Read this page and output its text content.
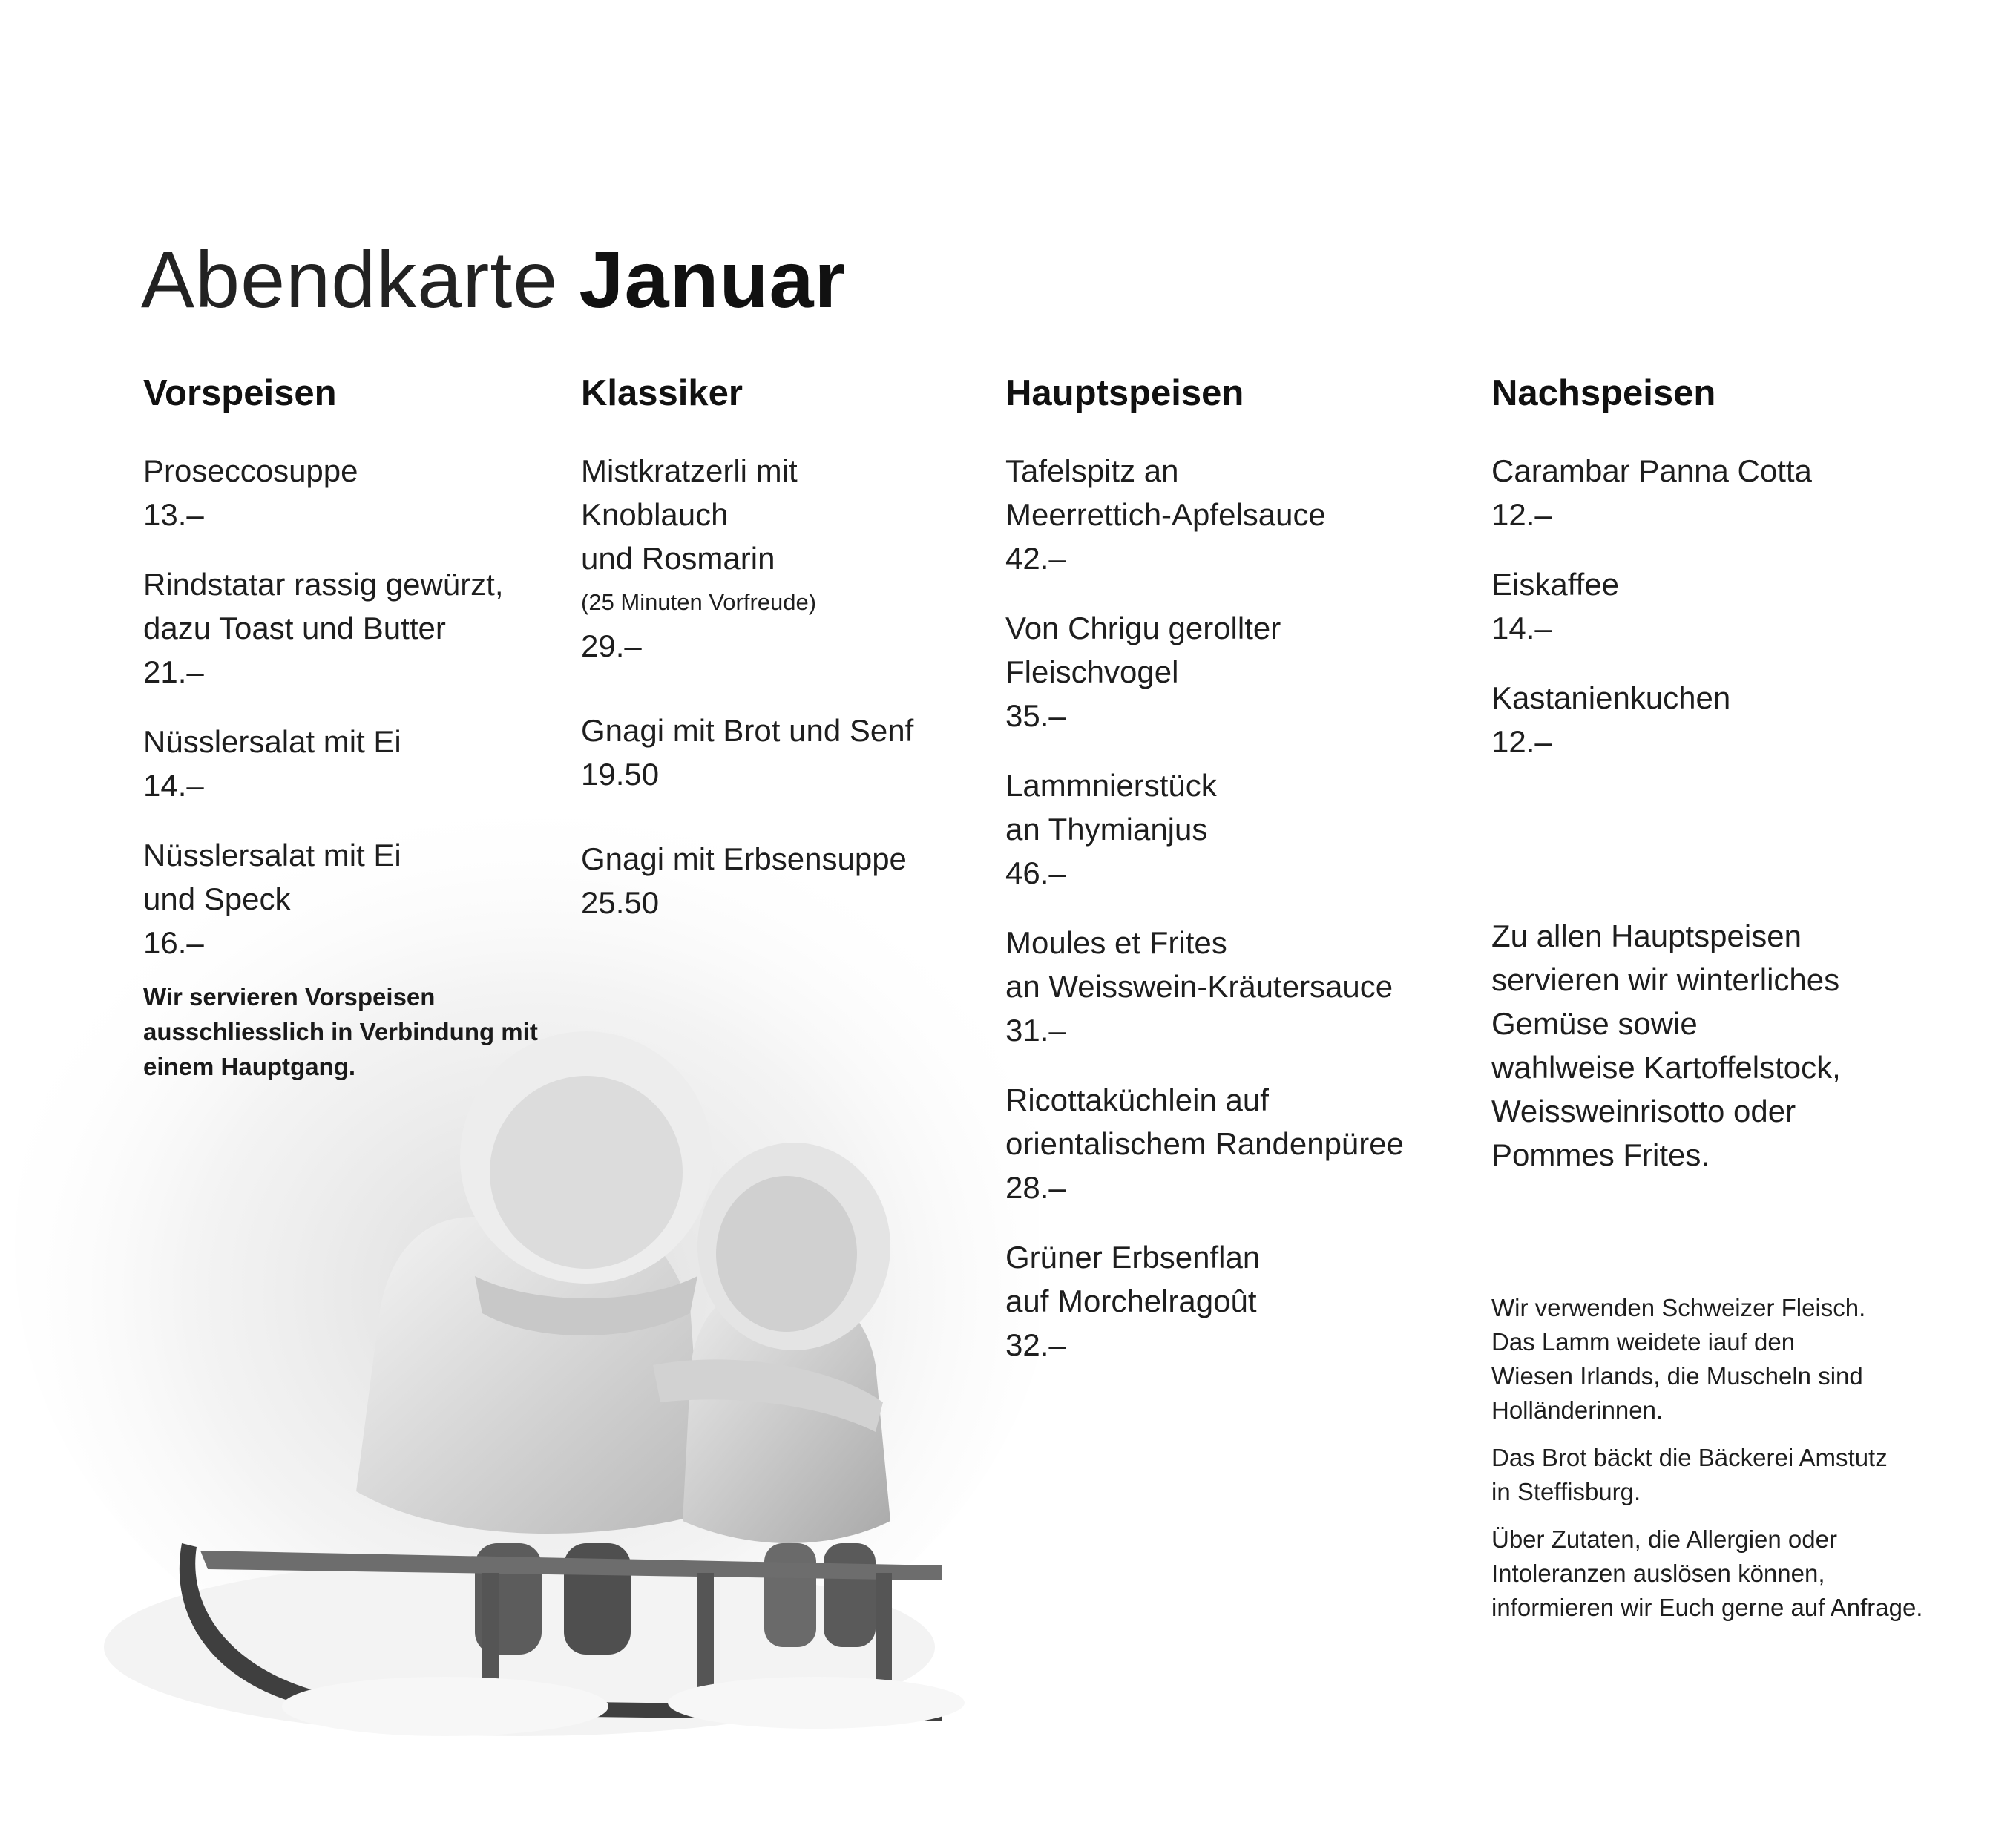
Abendkarte Januar
Vorspeisen
Proseccosuppe
13.–
Rindstatar rassig gewürzt,
dazu Toast und Butter
21.–
Nüsslersalat mit Ei
14.–
Nüsslersalat mit Ei
und Speck
16.–
Wir servieren Vorspeisen
ausschliesslich in Verbindung mit
einem Hauptgang.
Klassiker
Mistkratzerli mit
Knoblauch
und Rosmarin
(25 Minuten Vorfreude)
29.–
Gnagi mit Brot und Senf
19.50
Gnagi mit Erbsensuppe
25.50
Hauptspeisen
Tafelspitz an
Meerrettich-Apfelsauce
42.–
Von Chrigu gerollter
Fleischvogel
35.–
Lammnierstück
an Thymianjus
46.–
Moules et Frites
an Weisswein-Kräutersauce
31.–
Ricottaküchlein auf
orientalischem Randenpüree
28.–
Grüner Erbsenflan
auf Morchelragoût
32.–
Nachspeisen
Carambar Panna Cotta
12.–
Eiskaffee
14.–
Kastanienkuchen
12.–
Zu allen Hauptspeisen
servieren wir winterliches
Gemüse sowie
wahlweise Kartoffelstock,
Weissweinrisotto oder
Pommes Frites.

Wir verwenden Schweizer Fleisch.
Das Lamm weidete iauf den
Wiesen Irlands, die Muscheln sind
Holländerinnen.

Das Brot bäckt die Bäckerei Amstutz
in Steffisburg.

Über Zutaten, die Allergien oder
Intoleranzen auslösen können,
informieren wir Euch gerne auf Anfrage.
